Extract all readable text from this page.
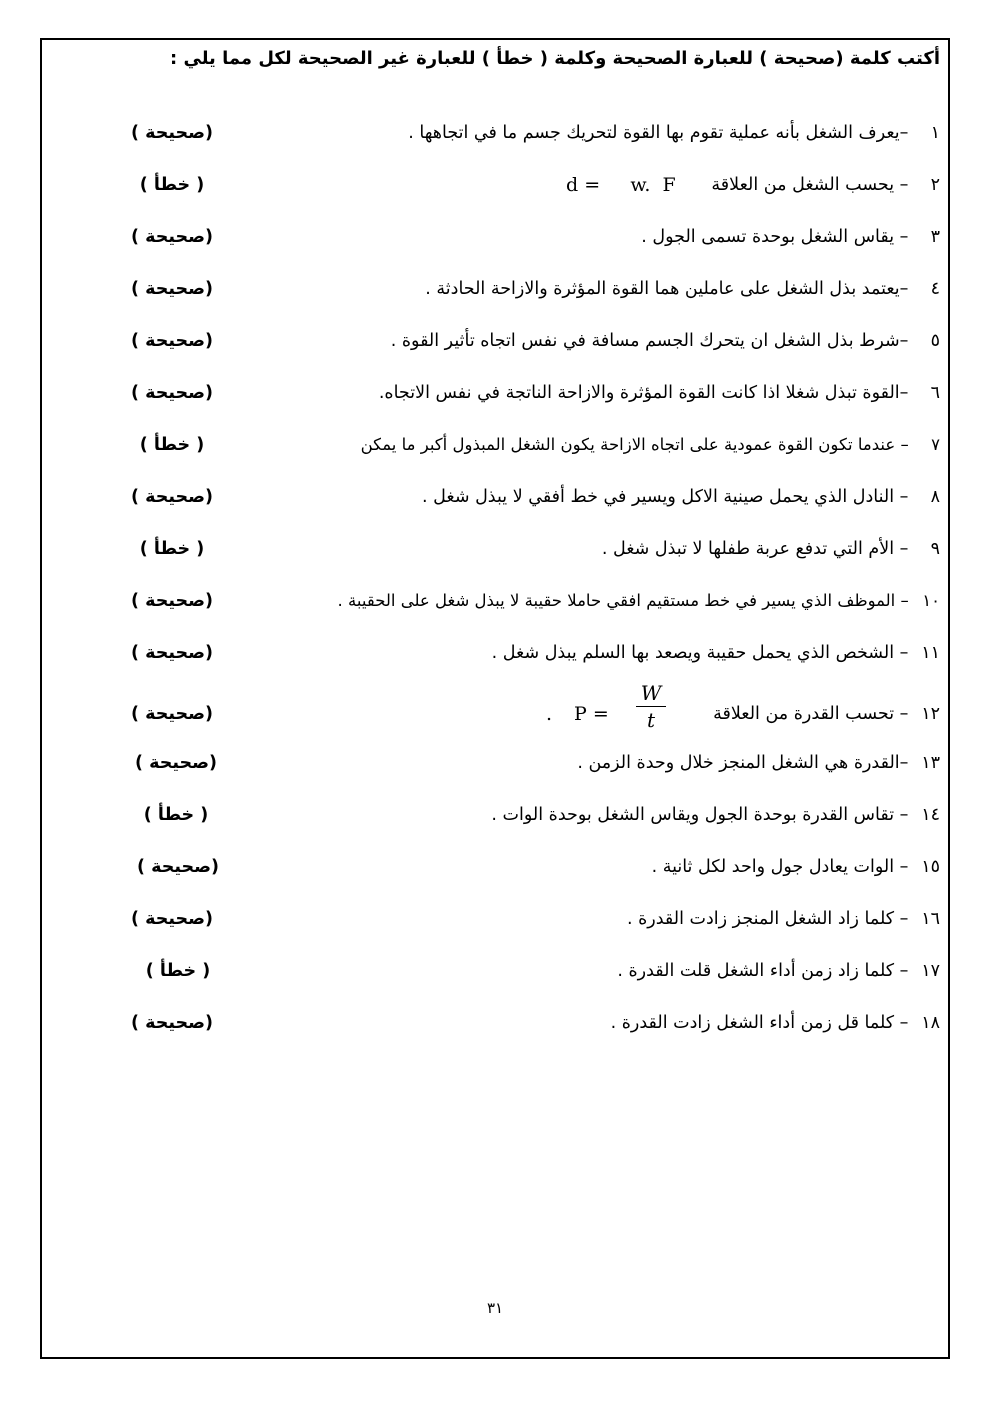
أكتب كلمة (صحيحة ) للعبارة الصحيحة وكلمة ( خطأ ) للعبارة غير الصحيحة لكل مما يلي :
١ –يعرف الشغل بأنه عملية تقوم بها القوة لتحريك جسم ما في اتجاهها .
(صحيحة )
٢ – يحسب الشغل من العلاقة
d =     w.  F
( خطأ )
٣ – يقاس الشغل بوحدة تسمى الجول .
(صحيحة )
٤ –يعتمد بذل الشغل على عاملين هما القوة المؤثرة والازاحة الحادثة .
(صحيحة )
٥ –شرط بذل الشغل ان يتحرك الجسم مسافة في نفس اتجاه تأثير القوة .
(صحيحة )
٦ –القوة تبذل شغلا اذا كانت القوة المؤثرة والازاحة الناتجة في نفس الاتجاه.
(صحيحة )
٧ – عندما تكون القوة عمودية على اتجاه الازاحة يكون الشغل المبذول أكبر ما يمكن
( خطأ )
٨ – النادل الذي يحمل صينية الاكل ويسير في خط أفقي لا يبذل شغل .
(صحيحة )
٩ – الأم التي تدفع عربة طفلها لا تبذل شغل .
( خطأ )
١٠ – الموظف الذي يسير في خط مستقيم افقي حاملا حقيبة لا يبذل شغل على الحقيبة .
(صحيحة )
١١ – الشخص الذي يحمل حقيبة ويصعد بها السلم يبذل شغل .
(صحيحة )
١٢ – تحسب القدرة من العلاقة
. $P = \frac{W}{t}$
(صحيحة )
١٣ –القدرة هي الشغل المنجز خلال وحدة الزمن .
(صحيحة )
١٤ – تقاس القدرة بوحدة الجول ويقاس الشغل بوحدة الوات .
( خطأ )
١٥ – الوات يعادل جول واحد لكل ثانية .
(صحيحة )
١٦ – كلما زاد الشغل المنجز زادت القدرة .
(صحيحة )
١٧ – كلما زاد زمن أداء الشغل قلت القدرة .
( خطأ )
١٨ – كلما قل زمن أداء الشغل زادت القدرة .
(صحيحة )
٣١
